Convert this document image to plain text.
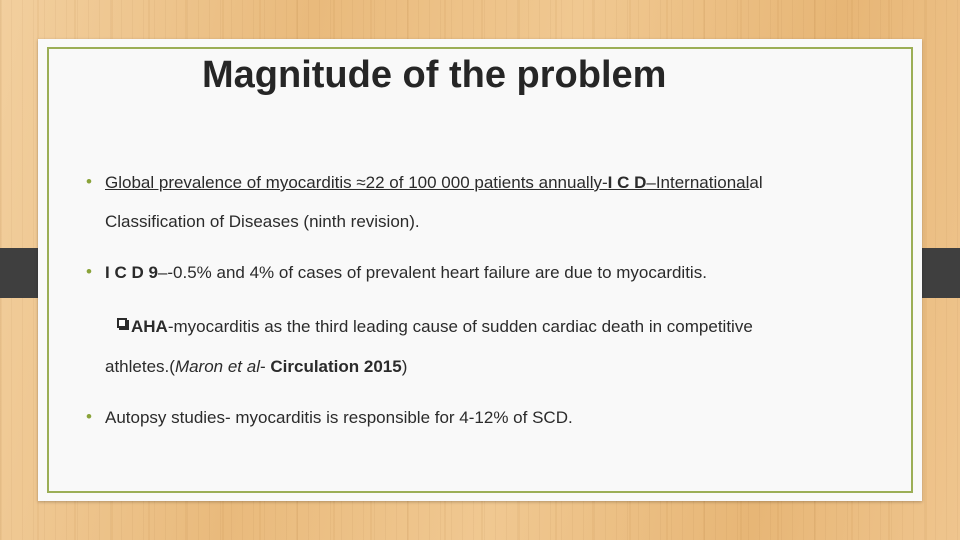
Magnitude of the problem
• Global prevalence of myocarditis ≈22 of 100 000 patients annually-I C D–Internationalal
Classification of Diseases (ninth revision).
• I C D 9–-0.5% and 4% of cases of prevalent heart failure are due to myocarditis.
AHA-myocarditis as the third leading cause of sudden cardiac death in competitive
athletes.(Maron et al- Circulation 2015)
• Autopsy studies- myocarditis is responsible for 4-12% of SCD.
